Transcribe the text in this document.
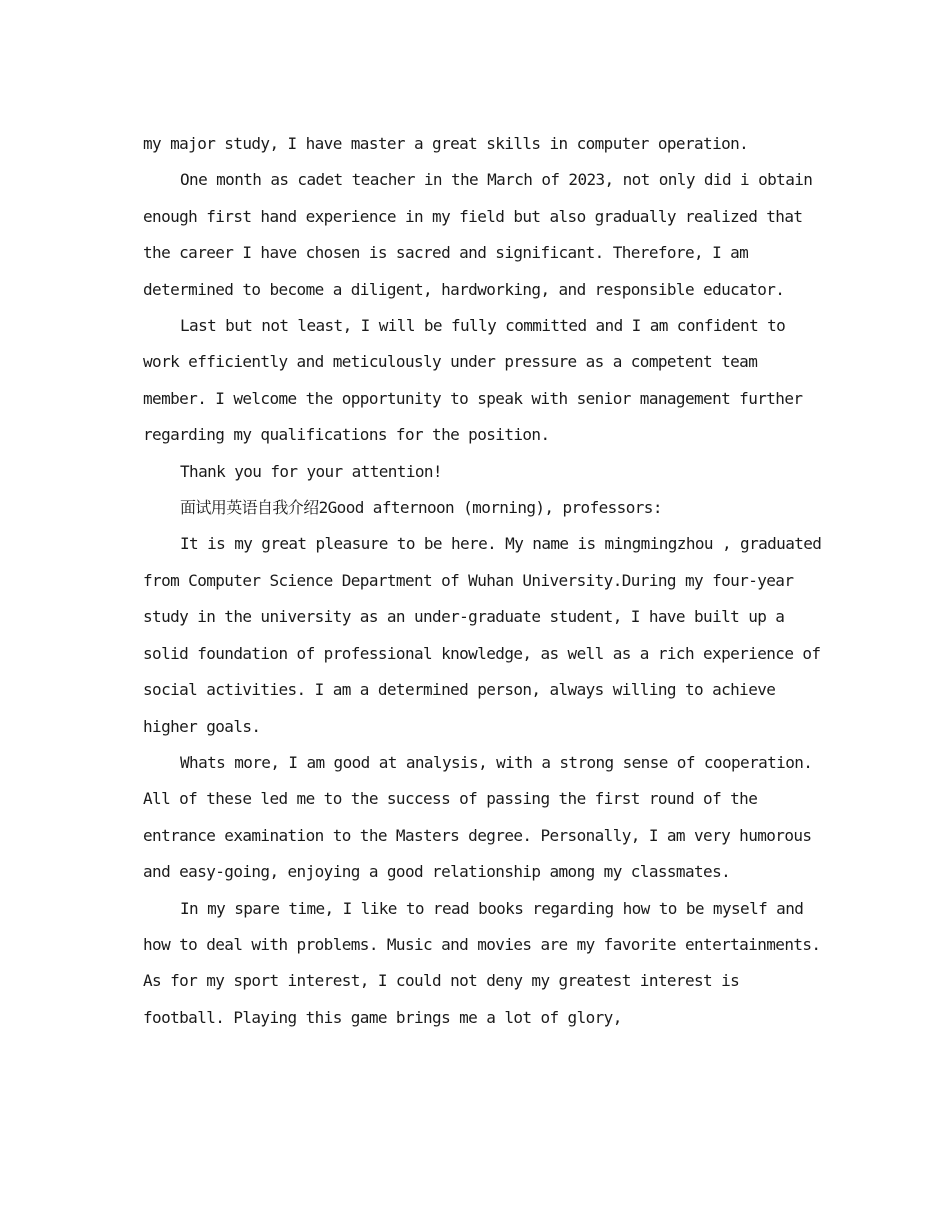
my major study, I have master a great skills in computer operation.

One month as cadet teacher in the March of 2023, not only did i obtain enough first hand experience in my field but also gradually realized that the career I have chosen is sacred and significant. Therefore, I am determined to become a diligent, hardworking, and responsible educator.

Last but not least, I will be fully committed and I am confident to work efficiently and meticulously under pressure as a competent team member. I welcome the opportunity to speak with senior management further regarding my qualifications for the position.

Thank you for your attention!

面试用英语自我介绍2Good afternoon (morning), professors:

It is my great pleasure to be here. My name is mingmingzhou , graduated from Computer Science Department of Wuhan University.During my four-year study in the university as an under-graduate student, I have built up a solid foundation of professional knowledge, as well as a rich experience of social activities. I am a determined person, always willing to achieve higher goals.

Whats more, I am good at analysis, with a strong sense of cooperation. All of these led me to the success of passing the first round of the entrance examination to the Masters degree. Personally, I am very humorous and easy-going, enjoying a good relationship among my classmates.

In my spare time, I like to read books regarding how to be myself and how to deal with problems. Music and movies are my favorite entertainments. As for my sport interest, I could not deny my greatest interest is football. Playing this game brings me a lot of glory,
